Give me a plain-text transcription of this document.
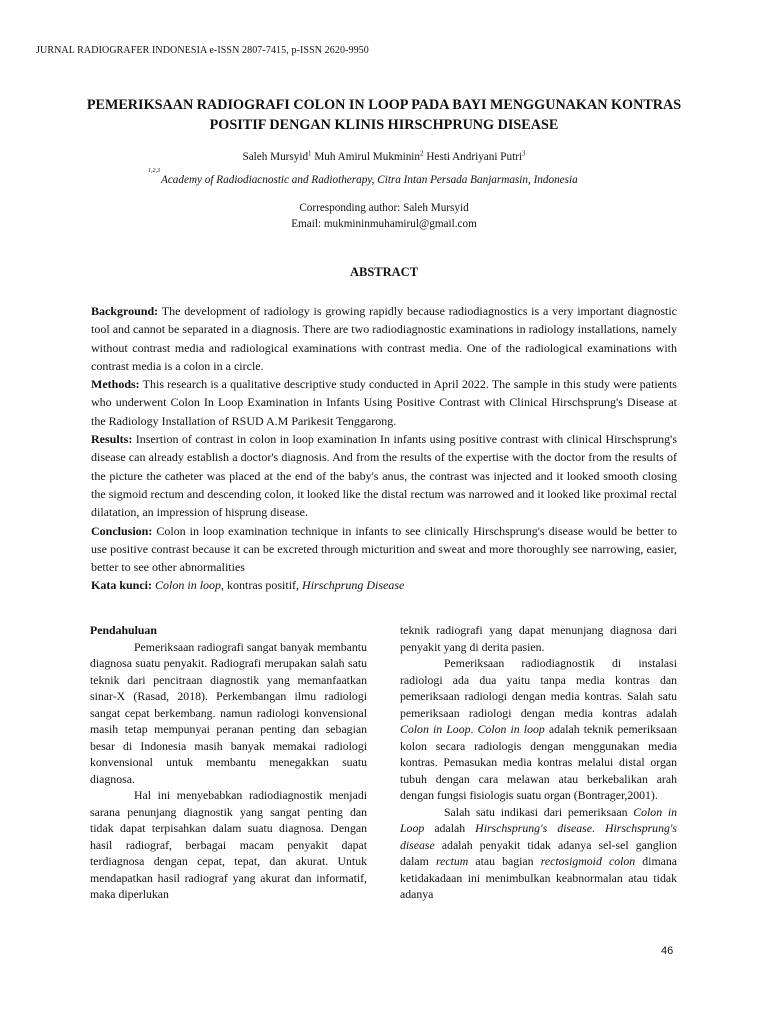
JURNAL RADIOGRAFER INDONESIA e-ISSN 2807-7415, p-ISSN 2620-9950
PEMERIKSAAN RADIOGRAFI COLON IN LOOP PADA BAYI MENGGUNAKAN KONTRAS POSITIF DENGAN KLINIS HIRSCHPRUNG DISEASE
Saleh Mursyid$^1$ Muh Amirul Mukminin$^2$ Hesti Andriyani Putri$^3$
1,2,3
Academy of Radiodiacnostic and Radiotherapy, Citra Intan Persada Banjarmasin, Indonesia
Corresponding author: Saleh Mursyid
Email: mukmininmuhamirul@gmail.com
ABSTRACT

Background: The development of radiology is growing rapidly because radiodiagnostics is a very important diagnostic tool and cannot be separated in a diagnosis. There are two radiodiagnostic examinations in radiology installations, namely without contrast media and radiological examinations with contrast media. One of the radiological examinations with contrast media is a colon in a circle.

Methods: This research is a qualitative descriptive study conducted in April 2022. The sample in this study were patients who underwent Colon In Loop Examination in Infants Using Positive Contrast with Clinical Hirschsprung's Disease at the Radiology Installation of RSUD A.M Parikesit Tenggarong.

Results: Insertion of contrast in colon in loop examination In infants using positive contrast with clinical Hirschsprung's disease can already establish a doctor's diagnosis. And from the results of the expertise with the doctor from the results of the picture the catheter was placed at the end of the baby's anus, the contrast was injected and it looked smooth closing the sigmoid rectum and descending colon, it looked like the distal rectum was narrowed and it looked like proximal rectal dilatation, an impression of hisprung disease.

Conclusion: Colon in loop examination technique in infants to see clinically Hirschsprung's disease would be better to use positive contrast because it can be excreted through micturition and sweat and more thoroughly see narrowing, easier, better to see other abnormalities

Kata kunci: Colon in loop, kontras positif, Hirschprung Disease

Pendahuluan

Pemeriksaan radiografi sangat banyak membantu diagnosa suatu penyakit. Radiografi merupakan salah satu teknik dari pencitraan diagnostik yang memanfaatkan sinar-X (Rasad, 2018). Perkembangan ilmu radiologi sangat cepat berkembang. namun radiologi konvensional masih tetap mempunyai peranan penting dan sebagian besar di Indonesia masih banyak memakai radiologi konvensional untuk membantu menegakkan suatu diagnosa.

Hal ini menyebabkan radiodiagnostik menjadi sarana penunjang diagnostik yang sangat penting dan tidak dapat terpisahkan dalam suatu diagnosa. Dengan hasil radiograf, berbagai macam penyakit dapat terdiagnosa dengan cepat, tepat, dan akurat. Untuk mendapatkan hasil radiograf yang akurat dan informatif, maka diperlukan

teknik radiografi yang dapat menunjang diagnosa dari penyakit yang di derita pasien.

Pemeriksaan radiodiagnostik di instalasi radiologi ada dua yaitu tanpa media kontras dan pemeriksaan radiologi dengan media kontras. Salah satu pemeriksaan radiologi dengan media kontras adalah Colon in Loop. Colon in loop adalah teknik pemeriksaan kolon secara radiologis dengan menggunakan media kontras. Pemasukan media kontras melalui distal organ tubuh dengan cara melawan atau berkebalikan arah dengan fungsi fisiologis suatu organ (Bontrager,2001).

Salah satu indikasi dari pemeriksaan Colon in Loop adalah Hirschsprung's disease. Hirschsprung's disease adalah penyakit tidak adanya sel-sel ganglion dalam rectum atau bagian rectosigmoid colon dimana ketidakadaan ini menimbulkan keabnormalan atau tidak adanya

46
